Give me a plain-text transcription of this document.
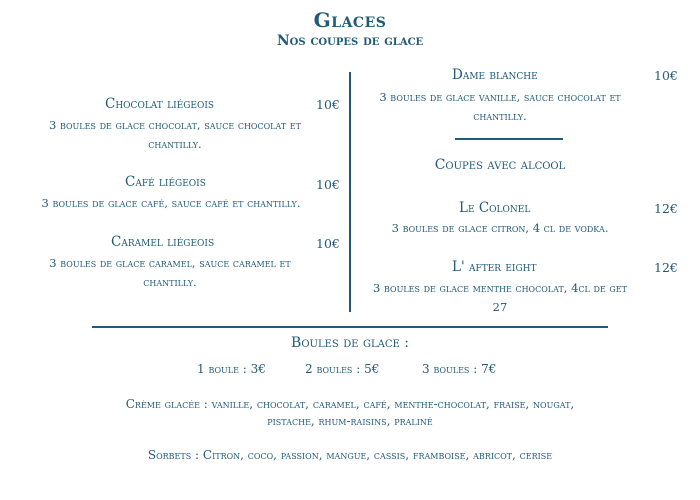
Glaces
Nos coupes de glace
Chocolat liégeois	10€
3 boules de glace chocolat, sauce chocolat et
chantilly.
Café liégeois	10€
3 boules de glace café, sauce café et chantilly.
Caramel liégeois	10€
3 boules de glace caramel, sauce caramel et
chantilly.
Dame blanche	10€
3 boules de glace vanille, sauce chocolat et
chantilly.
Coupes avec alcool
Le Colonel	12€
3 boules de glace citron, 4 cl de vodka.
L' after eight	12€
3 boules de glace menthe chocolat, 4cl de get
27
Boules de glace :
1 boule : 3€	2 boules : 5€	3 boules : 7€
Crème glacée : vanille, chocolat, caramel, café, menthe-chocolat, fraise, nougat,
pistache, rhum-raisins, praliné
Sorbets : Citron, coco, passion, mangue, cassis, framboise, abricot, cerise
